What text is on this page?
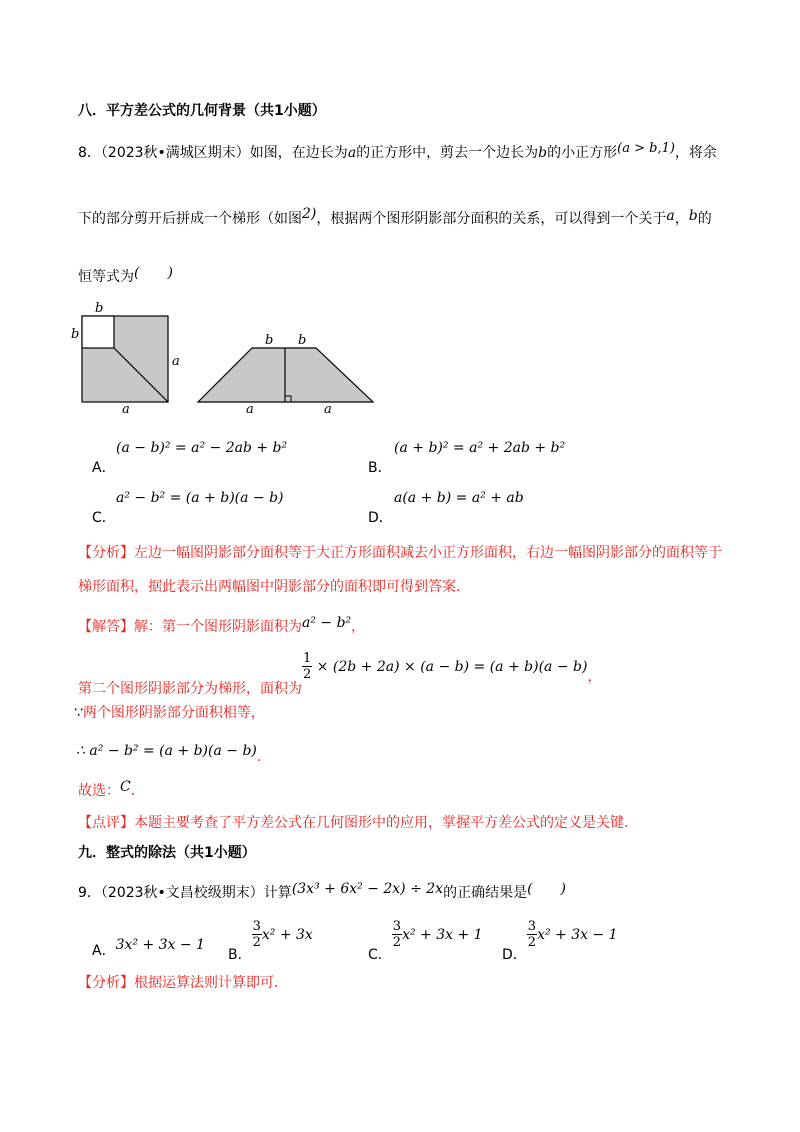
八．平方差公式的几何背景（共1小题）
8．（2023秋•满城区期末）如图，在边长为a的正方形中，剪去一个边长为b的小正方形(a > b,1)，将余
下的部分剪开后拼成一个梯形（如图2)，根据两个图形阴影部分面积的关系，可以得到一个关于a，b的
恒等式为(　　)
b
b
a
a
b b
a	a
(a − b)² = a² − 2ab + b²
A．
(a + b)² = a² + 2ab + b²
B．
a² − b² = (a + b)(a − b)
C．
a(a + b) = a² + ab
D．
【分析】左边一幅图阴影部分面积等于大正方形面积减去小正方形面积，右边一幅图阴影部分的面积等于
梯形面积，据此表示出两幅图中阴影部分的面积即可得到答案．
【解答】解：第一个图形阴影面积为a² − b²，
第二个图形阴影部分为梯形，面积为
$\frac{1}{2} \times (2b + 2a) \times (a - b) = (a + b)(a - b)$，
∵两个图形阴影部分面积相等，
∴ a² − b² = (a + b)(a − b)．
故选：C．
【点评】本题主要考查了平方差公式在几何图形中的应用，掌握平方差公式的定义是关键．
九．整式的除法（共1小题）
9．（2023秋•文昌校级期末）计算(3x³ + 6x² − 2x) ÷ 2x的正确结果是(　　)
A．3x² + 3x − 1
B．
$\frac{3}{2} x^2 + 3x$
C．
$\frac{3}{2} x^2 + 3x + 1$
D．
$\frac{3}{2} x^2 + 3x - 1$
【分析】根据运算法则计算即可．
